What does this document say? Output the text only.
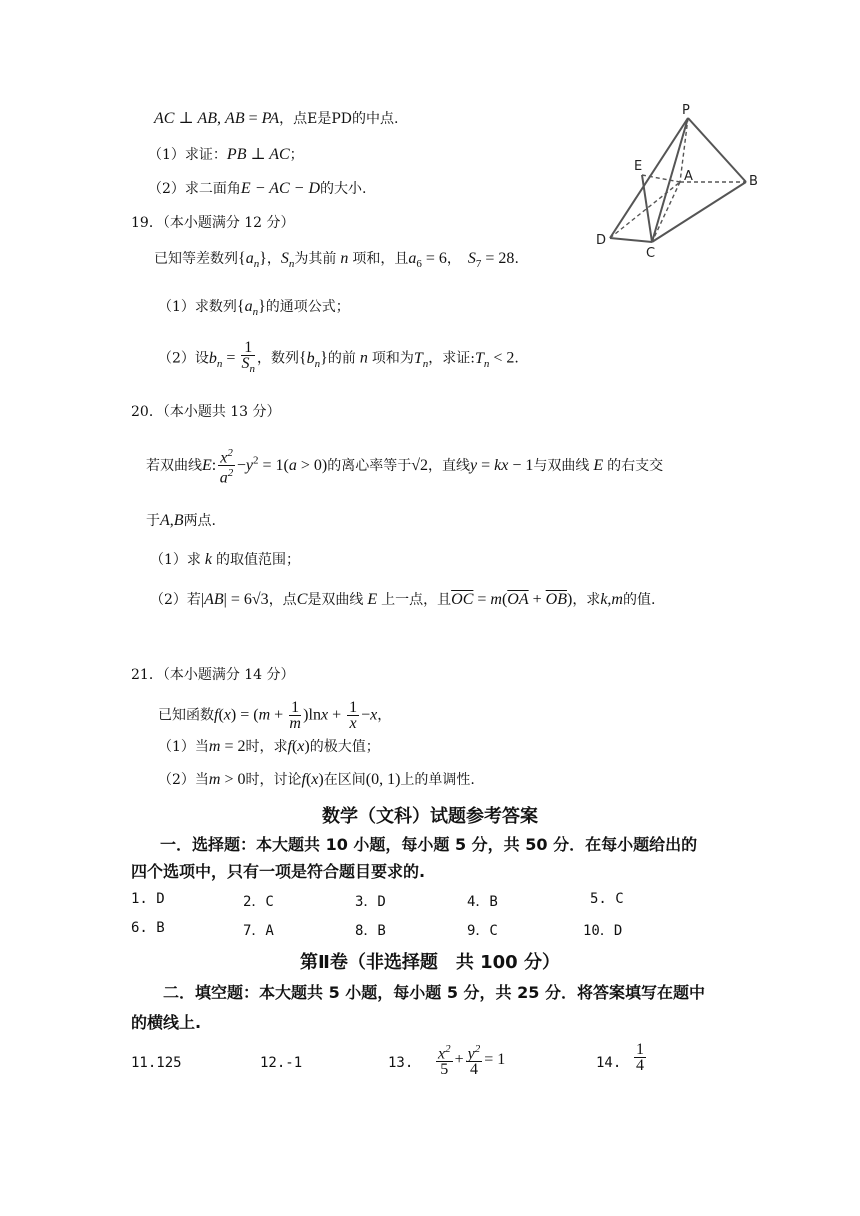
AC ⊥ AB, AB = PA，点E是PD的中点.
（1）求证：PB ⊥ AC；
（2）求二面角E − AC − D的大小.
P
E
A	B
D
C
19．（本小题满分 12 分）
已知等差数列$\{a_n\}$，$S_n$为其前 n 项和，且$a_6 = 6$，　$S_7 = 28$.
（1）求数列$\{a_n\}$的通项公式；
（2）设$b_n = \frac{1}{S_n}$ ，数列$\{b_n\}$的前 n 项和为$T_n$，求证$:T_n < 2$.
20．（本小题共 13 分）
若双曲线E: $\frac{x^2}{a^2} -y^2 = 1(a > 0)$的离心率等于√2，直线y = kx − 1与双曲线 E 的右支交
于A,B两点.
（1）求 k 的取值范围；
（2）若|AB| = 6√3，点C是双曲线 E 上一点，且$\overline{OC} = m(\overline{OA} + \overline{OB})$，求k,m的值.
21．（本小题满分 14 分）
已知函数$f(x) = (m + \frac{1}{m} )\ln x + \frac{1}{x} -x$，
（1）当m = 2时，求f(x)的极大值；
（2）当m > 0时，讨论f(x)在区间(0, 1)上的单调性.
数学（文科）试题参考答案
一．选择题：本大题共 10 小题，每小题 5 分，共 50 分．在每小题给出的
四个选项中，只有一项是符合题目要求的.
1. D	2．C	3．D	4．B	5. C
6. B	7．A	8．B	9．C	10．D
第Ⅱ卷（非选择题　共 100 分）
二．填空题：本大题共 5 小题，每小题 5 分，共 25 分．将答案填写在题中
的横线上.
11.125	12.-1	13. $\frac{x^2}{5} + \frac{y^2}{4} = 1$	14. $\frac{1}{4}$
